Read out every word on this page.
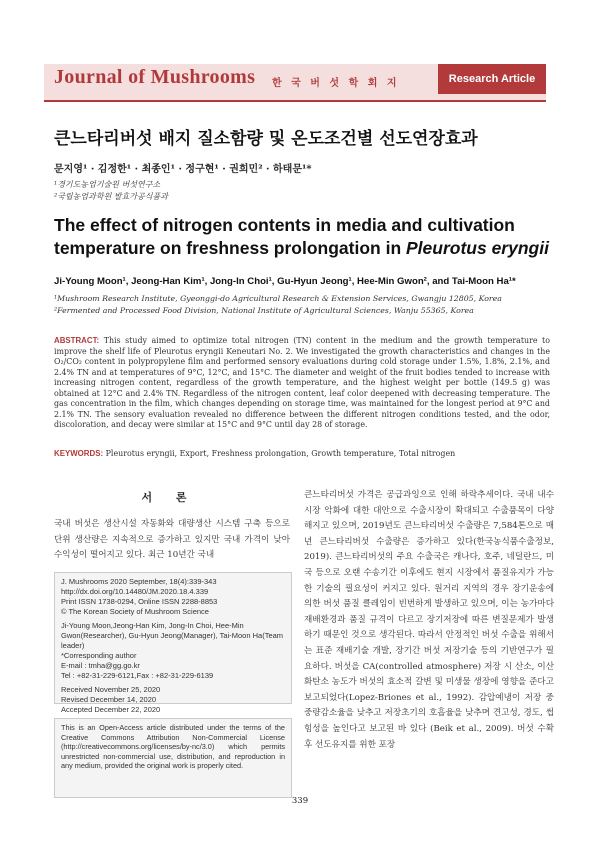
Journal of Mushrooms 한 국 버 섯 학 회 지	Research Article
큰느타리버섯 배지 질소함량 및 온도조건별 선도연장효과
문지영¹ · 김정한¹ · 최종인¹ · 정구현¹ · 권희민² · 하태문¹*
¹경기도농업기술원 버섯연구소
²국립농업과학원 발효가공식품과
The effect of nitrogen contents in media and cultivation
temperature on freshness prolongation in Pleurotus eryngii
Ji-Young Moon¹, Jeong-Han Kim¹, Jong-In Choi¹, Gu-Hyun Jeong¹, Hee-Min Gwon², and Tai-Moon Ha¹*
¹Mushroom Research Institute, Gyeonggi-do Agricultural Research & Extension Services, Gwangju 12805, Korea
²Fermented and Processed Food Division, National Institute of Agricultural Sciences, Wanju 55365, Korea
ABSTRACT: This study aimed to optimize total nitrogen (TN) content in the medium and the growth temperature to improve the shelf life of Pleurotus eryngii Keneutari No. 2. We investigated the growth characteristics and changes in the O₂/CO₂ content in polypropylene film and performed sensory evaluations during cold storage under 1.5%, 1.8%, 2.1%, and 2.4% TN and at temperatures of 9°C, 12°C, and 15°C. The diameter and weight of the fruit bodies tended to increase with increasing nitrogen content, regardless of the growth temperature, and the highest weight per bottle (149.5 g) was obtained at 12°C and 2.4% TN. Regardless of the nitrogen content, leaf color deepened with decreasing temperature. The gas concentration in the film, which changes depending on storage time, was maintained for the longest period at 9°C and 2.1% TN. The sensory evaluation revealed no difference between the different nitrogen conditions tested, and the odor, discoloration, and decay were similar at 15°C and 9°C until day 28 of storage.
KEYWORDS: Pleurotus eryngii, Export, Freshness prolongation, Growth temperature, Total nitrogen
서 론
국내 버섯은 생산시설 자동화와 대량생산 시스템 구축 등으로 단위 생산량은 지속적으로 증가하고 있지만 국내 가격이 낮아 수익성이 떨어지고 있다. 최근 10년간 국내
J. Mushrooms 2020 September, 18(4):339-343
http://dx.doi.org/10.14480/JM.2020.18.4.339
Print ISSN 1738-0294, Online ISSN 2288-8853
© The Korean Society of Mushroom Science

Ji-Young Moon,Jeong-Han Kim, Jong-In Choi, Hee-Min
Gwon(Researcher), Gu-Hyun Jeong(Manager), Tai-Moon Ha(Team
leader)
*Corresponding author
E-mail : tmha@gg.go.kr
Tel : +82-31-229-6121,Fax : +82-31-229-6139

Received November 25, 2020
Revised December 14, 2020
Accepted December 22, 2020
This is an Open-Access article distributed under the terms of the Creative Commons Attribution Non-Commercial License (http://creativecommons.org/licenses/by-nc/3.0) which permits unrestricted non-commercial use, distribution, and reproduction in any medium, provided the original work is properly cited.
큰느타리버섯 가격은 공급과잉으로 인해 하락추세이다. 국내 내수시장 악화에 대한 대안으로 수출시장이 확대되고 수출품목이 다양해지고 있으며, 2019년도 큰느타리버섯 수출량은 7,584톤으로 매년 큰느타리버섯 수출량은 증가하고 있다(한국농식품수출정보, 2019). 큰느타리버섯의 주요 수출국은 캐나다, 호주, 네덜란드, 미국 등으로 오랜 수송기간 이후에도 현지 시장에서 품질유지가 가능한 기술의 필요성이 커지고 있다. 원거리 지역의 경우 장기운송에 의한 버섯 품질 클레임이 빈번하게 발생하고 있으며, 이는 농가마다 재배환경과 품질 규격이 다르고 장기저장에 따른 변질문제가 발생하기 때문인 것으로 생각된다. 따라서 안정적인 버섯 수출을 위해서는 표준 재배기술 개발, 장기간 버섯 저장기술 등의 기반연구가 필요하다. 버섯을 CA(controlled atmosphere) 저장 시 산소, 이산화탄소 농도가 버섯의 효소적 갈변 및 미생물 생장에 영향을 준다고 보고되었다(Lopez-Briones et al., 1992). 감압예냉이 저장 중 중량감소율을 낮추고 저장초기의 호흡율을 낮추며 견고성, 경도, 썹힘성을 높인다고 보고된 바 있다 (Beik et al., 2009). 버섯 수확 후 선도유지를 위한 포장
339
